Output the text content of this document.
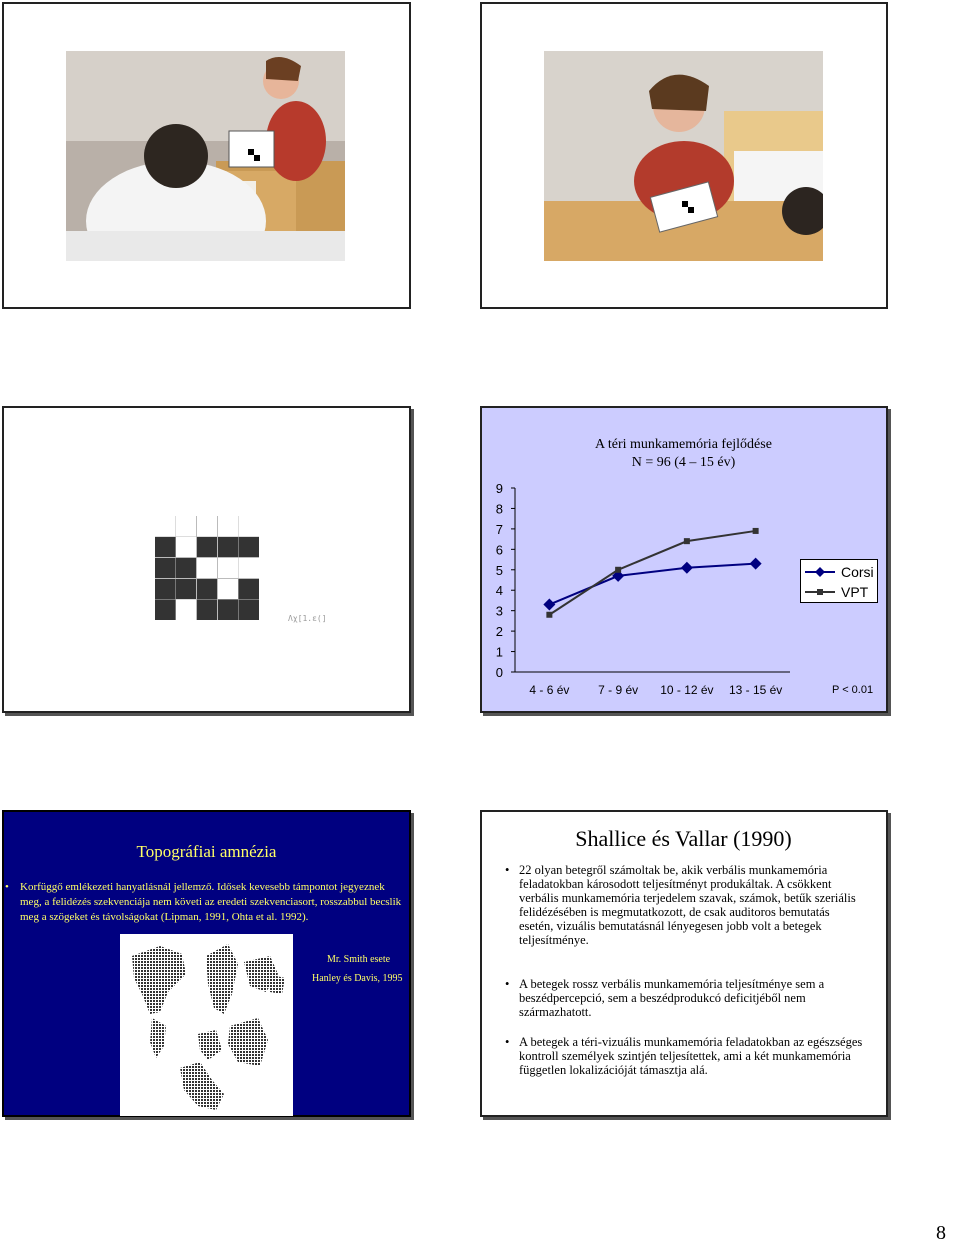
Λχ[1.ε(]
A téri munkamemória fejlődése
N = 96 (4 – 15 év)
0
1
2
3
4
5
6
7
8
9
4 - 6 év 7 - 9 év 10 - 12 év 13 - 15 év
Corsi
VPT
P < 0.01
Topográfiai amnézia
• Korfüggő emlékezeti hanyatlásnál jellemző. Idősek kevesebb támpontot jegyeznek meg, a felidézés szekvenciája nem követi az eredeti szekvenciasort, rosszabbul becslik meg a szögeket és távolságokat (Lipman, 1991, Ohta et al. 1992).
Mr. Smith esete
Hanley és Davis, 1995
Shallice és Vallar (1990)
• 22 olyan betegről számoltak be, akik verbális munkamemória feladatokban károsodott teljesítményt produkáltak. A csökkent verbális munkamemória terjedelem szavak, számok, betűk szeriális felidézésében is megmutatkozott, de csak auditoros bemutatás esetén, vizuális bemutatásnál lényegesen jobb volt a betegek teljesítménye.
• A betegek rossz verbális munkamemória teljesítménye sem a beszédpercepció, sem a beszédprodukcó deficitjéből nem származhatott.
• A betegek a téri-vizuális munkamemória feladatokban az egészséges kontroll személyek szintjén teljesítettek, ami a két munkamemória független lokalizációját támasztja alá.
8
